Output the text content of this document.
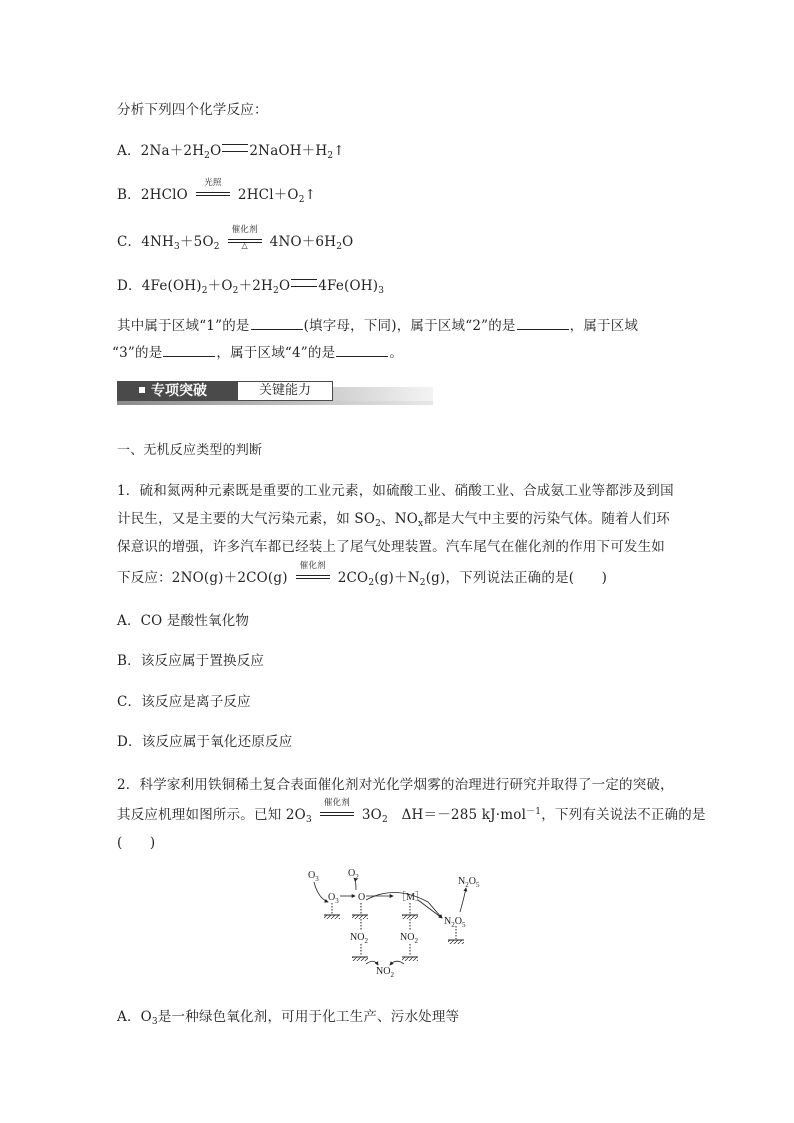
分析下列四个化学反应：
A．$2Na+2H_2O$ $2NaOH+H_2↑$
B．2HClO
光照
$2HCl+O_2↑$
C．$4NH_3+5O_2$
催化剂
△	$4NO+6H_2O$
D．$4Fe(OH)_2+O_2+2H_2O$ $4Fe(OH)_3$
其中属于区域“1”的是	(填字母，下同)，属于区域“2”的是	，属于区域
“3”的是	，属于区域“4”的是	。
专项突破	关键能力
一、无机反应类型的判断
1．硫和氮两种元素既是重要的工业元素，如硫酸工业、硝酸工业、合成氨工业等都涉及到国
计民生，又是主要的大气污染元素，如 $SO_2$、$NO_x$都是大气中主要的污染气体。随着人们环
保意识的增强，许多汽车都已经装上了尾气处理装置。汽车尾气在催化剂的作用下可发生如
下反应：2NO(g)＋2CO(g)
催化剂
$2CO_2(g)+N_2(g)$，下列说法正确的是(　　)
A．CO 是酸性氧化物
B．该反应属于置换反应
C．该反应是离子反应
D．该反应属于氧化还原反应
2．科学家利用铁铜稀土复合表面催化剂对光化学烟雾的治理进行研究并取得了一定的突破，
其反应机理如图所示。已知 $2O_3$
催化剂
$3O_2$　ΔH＝－285 kJ·mol$^{-1}$，下列有关说法不正确的是
(　　)
$O_3$	$O_2$
$O_3$ O	［M］
$N_2O_5$
$N_2O_5$
$NO_2$	$NO_2$
$NO_2$
A．$O_3$是一种绿色氧化剂，可用于化工生产、污水处理等
